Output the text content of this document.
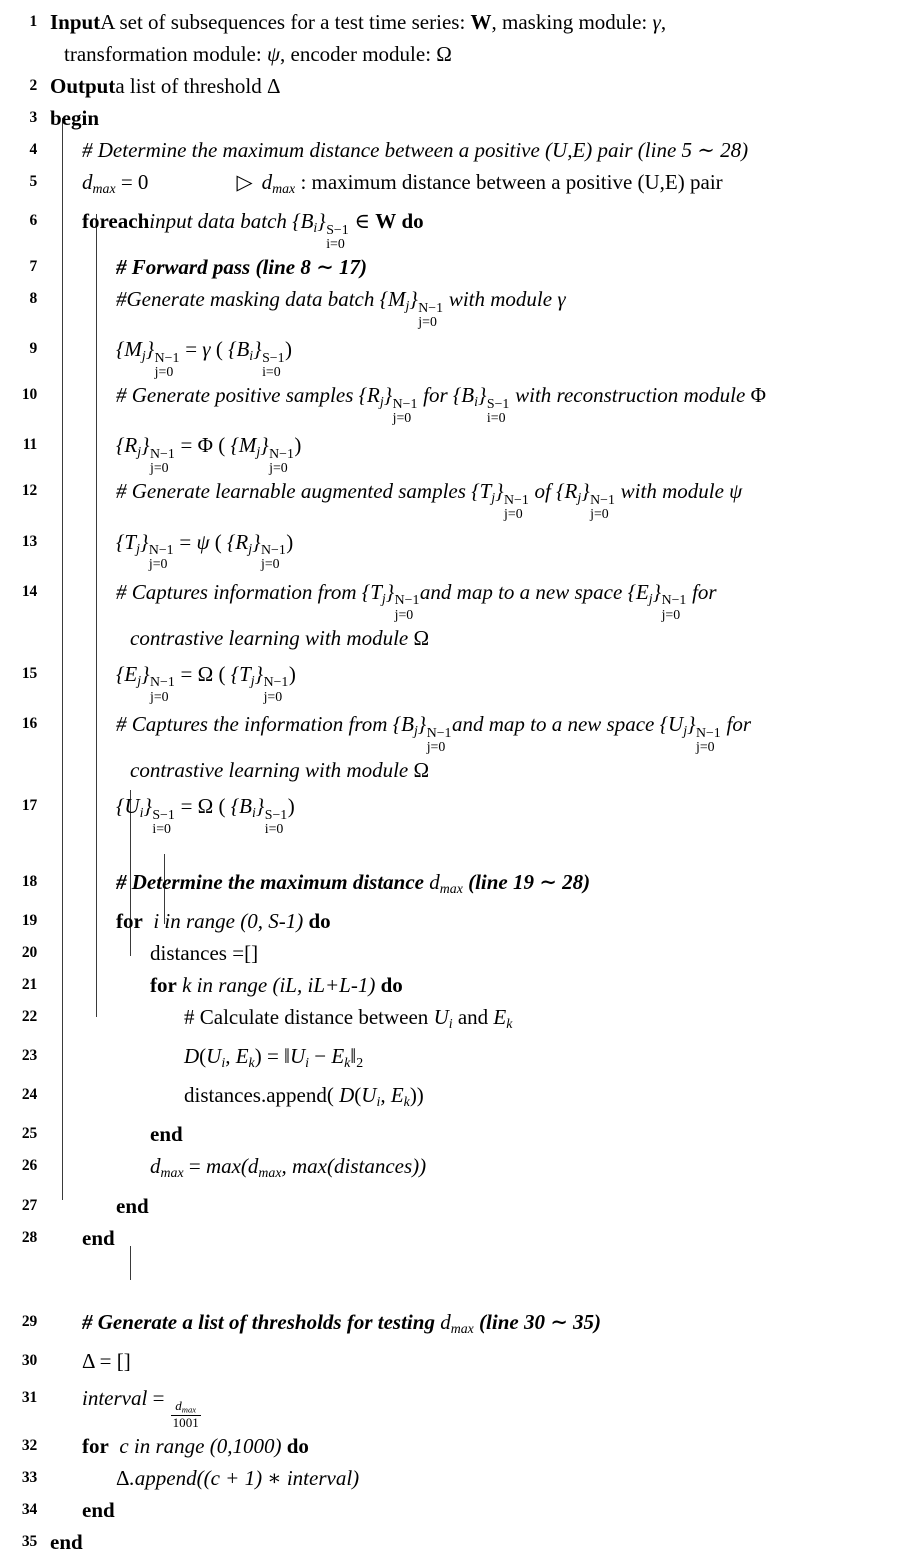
1 InputA set of subsequences for a test time series: W, masking module: γ,
transformation module: ψ, encoder module: Ω
2 Outputa list of threshold Δ
3 begin
4	# Determine the maximum distance between a positive (U,E) pair (line 5 ∼ 28)
5	dmax = 0	▷ dmax : maximum distance between a positive (U,E) pair
6	foreachinput data batch {Bi} S−1
i=0
∈ W do
7	# Forward pass (line 8 ∼ 17)
8	#Generate masking data batch {Mj} N−1
j=0
with module γ
9	{Mj} N−1
j=0
= γ ( {Bi} S−1
i=0
)
10	# Generate positive samples {Rj} N−1
j=0
for {Bi} S−1
i=0
with reconstruction module Φ
11	{Rj} N−1
j=0
= Φ ( {Mj} N−1
j=0
)
12	# Generate learnable augmented samples {Tj} N−1
j=0
of {Rj} N−1
j=0
with module ψ
13	{Tj} N−1
j=0
= ψ ( {Rj} N−1
j=0
)
14	# Captures information from {Tj} N−1
j=0
and map to a new space {Ej} N−1
j=0
for
contrastive learning with module Ω
15	{Ej} N−1
j=0
= Ω ( {Tj} N−1
j=0
)
16	# Captures the information from {Bj} N−1
j=0
and map to a new space {Uj} N−1
j=0
for
contrastive learning with module Ω
17	{Ui} S−1
i=0
= Ω ( {Bi} S−1
i=0
)
18	# Determine the maximum distance dmax (line 19 ∼ 28)
19	for i in range (0, S-1) do
20	distances =[]
21	for k in range (iL, iL+L-1) do
22	# Calculate distance between Ui and Ek
23	D(Ui, Ek) = ‖Ui − Ek‖2
24	distances.append( D(Ui, Ek))
25	end
26	dmax = max(dmax, max(distances))
27	end
28	end
29	# Generate a list of thresholds for testing dmax (line 30 ∼ 35)
30	Δ = []
31	interval =
$\frac{dmax}{1001}$
32	for c in range (0,1000) do
33	Δ.append((c + 1) ∗ interval)
34	end
35 end
